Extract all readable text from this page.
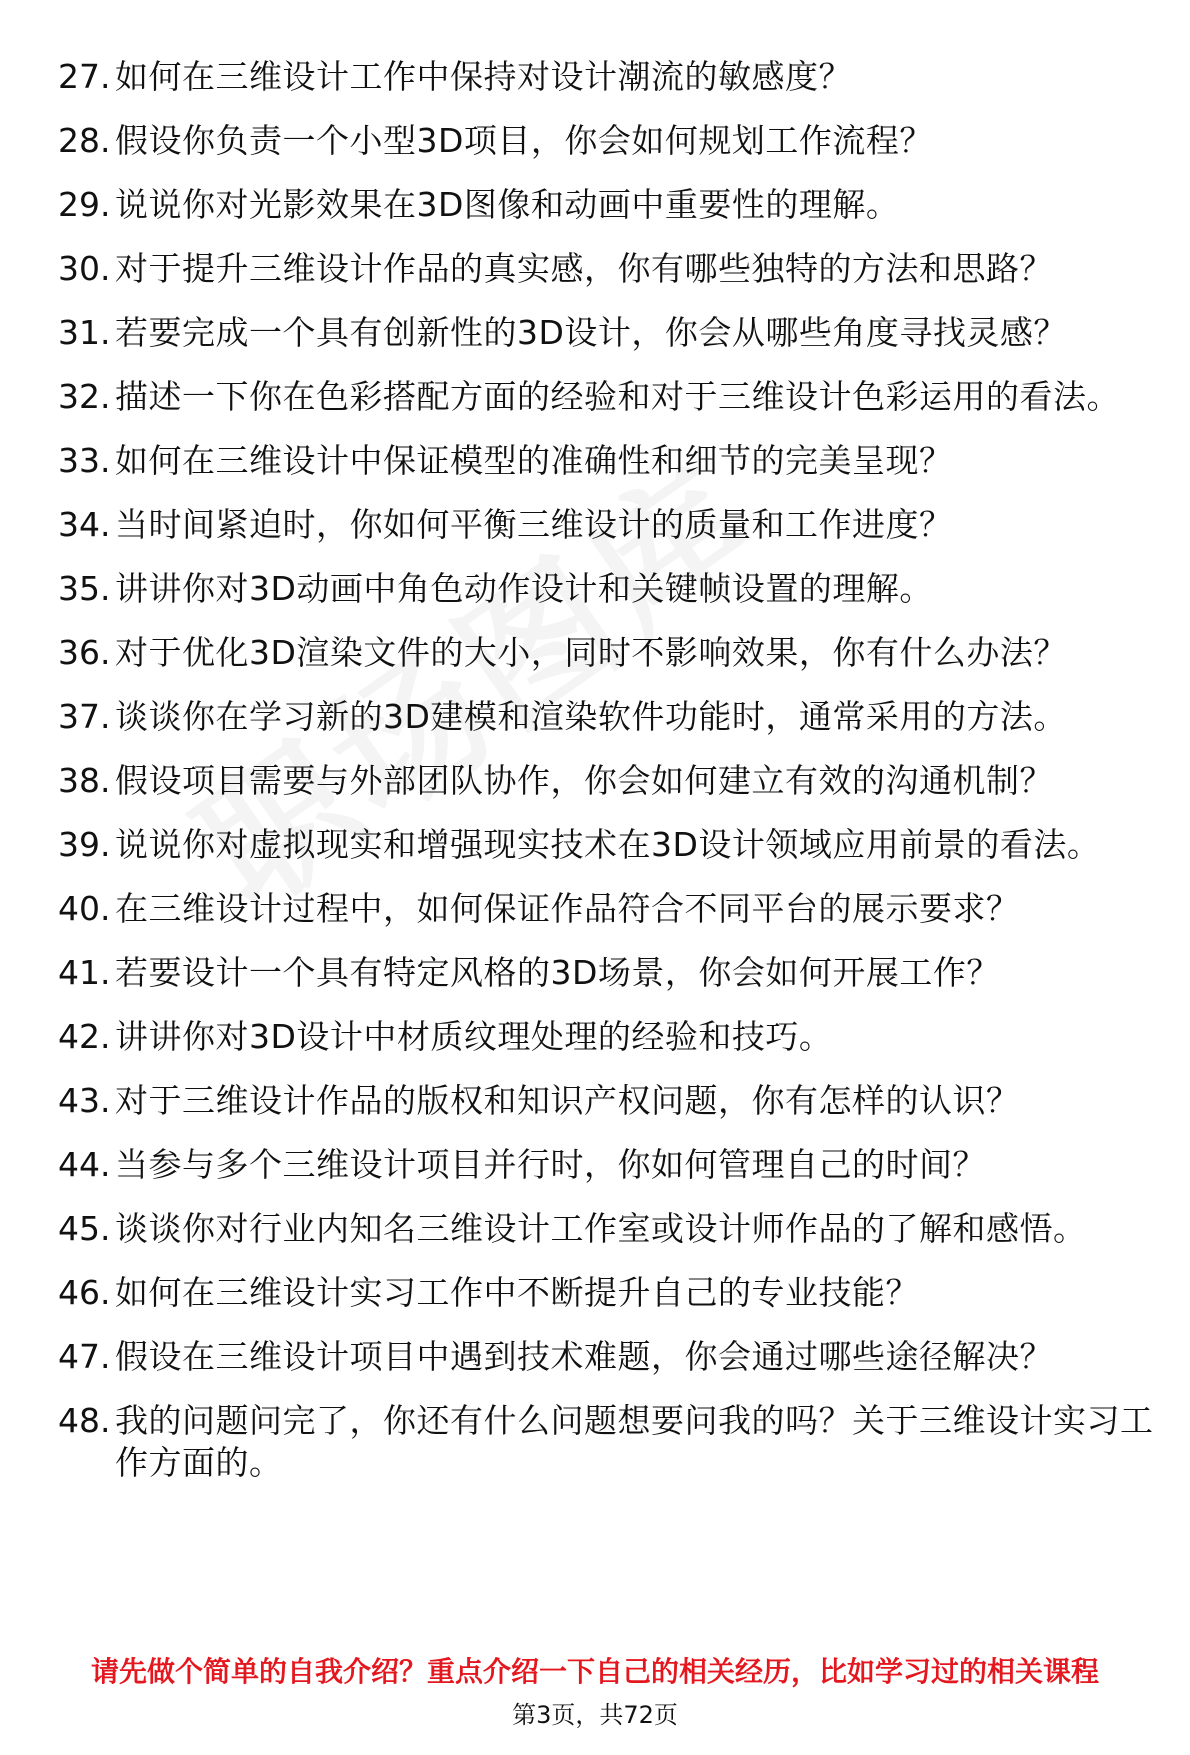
27. 如何在三维设计工作中保持对设计潮流的敏感度？
28. 假设你负责一个小型3D项目，你会如何规划工作流程？
29. 说说你对光影效果在3D图像和动画中重要性的理解。
30. 对于提升三维设计作品的真实感，你有哪些独特的方法和思路？
31. 若要完成一个具有创新性的3D设计，你会从哪些角度寻找灵感？
32. 描述一下你在色彩搭配方面的经验和对于三维设计色彩运用的看法。
33. 如何在三维设计中保证模型的准确性和细节的完美呈现？
34. 当时间紧迫时，你如何平衡三维设计的质量和工作进度？
35. 讲讲你对3D动画中角色动作设计和关键帧设置的理解。
36. 对于优化3D渲染文件的大小，同时不影响效果，你有什么办法？
37. 谈谈你在学习新的3D建模和渲染软件功能时，通常采用的方法。
38. 假设项目需要与外部团队协作，你会如何建立有效的沟通机制？
39. 说说你对虚拟现实和增强现实技术在3D设计领域应用前景的看法。
40. 在三维设计过程中，如何保证作品符合不同平台的展示要求？
41. 若要设计一个具有特定风格的3D场景，你会如何开展工作？
42. 讲讲你对3D设计中材质纹理处理的经验和技巧。
43. 对于三维设计作品的版权和知识产权问题，你有怎样的认识？
44. 当参与多个三维设计项目并行时，你如何管理自己的时间？
45. 谈谈你对行业内知名三维设计工作室或设计师作品的了解和感悟。
46. 如何在三维设计实习工作中不断提升自己的专业技能？
47. 假设在三维设计项目中遇到技术难题，你会通过哪些途径解决？
48. 我的问题问完了，你还有什么问题想要问我的吗？关于三维设计实习工作方面的。
请先做个简单的自我介绍？重点介绍一下自己的相关经历，比如学习过的相关课程
第3页，共72页
